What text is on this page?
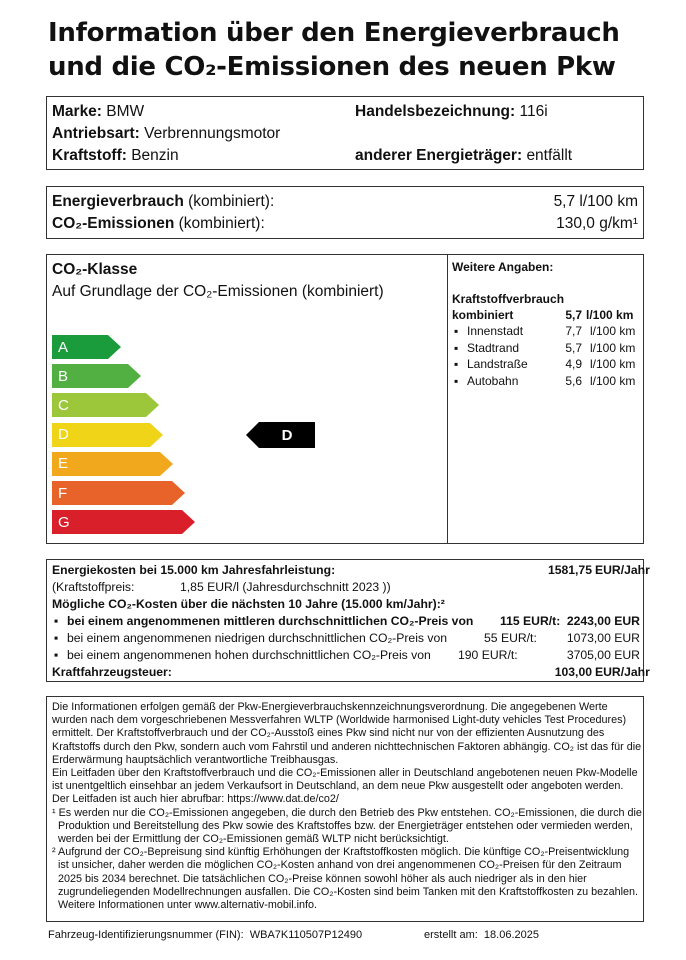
Information über den Energieverbrauch
und die CO₂-Emissionen des neuen Pkw
Marke: BMW	Handelsbezeichnung: 116i
Antriebsart: Verbrennungsmotor
Kraftstoff: Benzin	anderer Energieträger: entfällt
Energieverbrauch (kombiniert):	5,7 l/100 km
CO₂-Emissionen (kombiniert):	130,0 g/km¹
CO₂-Klasse
Auf Grundlage der CO₂-Emissionen (kombiniert)
A
B
C
D
E
F
G
D
Weitere Angaben:
Kraftstoffverbrauch
kombiniert	5,7 l/100 km
▪ Innenstadt	7,7 l/100 km
▪ Stadtrand	5,7 l/100 km
▪ Landstraße	4,9 l/100 km
▪ Autobahn	5,6 l/100 km
Energiekosten bei 15.000 km Jahresfahrleistung:	1581,75 EUR/Jahr
(Kraftstoffpreis:	1,85 EUR/l (Jahresdurchschnitt 2023 ))
Mögliche CO₂-Kosten über die nächsten 10 Jahre (15.000 km/Jahr):²
▪ bei einem angenommenen mittleren durchschnittlichen CO₂-Preis von 115 EUR/t: 2243,00 EUR
▪ bei einem angenommenen niedrigen durchschnittlichen CO₂-Preis von	55 EUR/t: 1073,00 EUR
▪ bei einem angenommenen hohen durchschnittlichen CO₂-Preis von 190 EUR/t:	3705,00 EUR
Kraftfahrzeugsteuer:	103,00 EUR/Jahr

Die Informationen erfolgen gemäß der Pkw-Energieverbrauchskennzeichnungsverordnung. Die angegebenen Werte wurden nach dem vorgeschriebenen Messverfahren WLTP (Worldwide harmonised Light-duty vehicles Test Procedures) ermittelt. Der Kraftstoffverbrauch und der CO₂-Ausstoß eines Pkw sind nicht nur von der effizienten Ausnutzung des Kraftstoffs durch den Pkw, sondern auch vom Fahrstil und anderen nichttechnischen Faktoren abhängig. CO₂ ist das für die Erderwärmung hauptsächlich verantwortliche Treibhausgas.

Ein Leitfaden über den Kraftstoffverbrauch und die CO₂-Emissionen aller in Deutschland angebotenen neuen Pkw-Modelle ist unentgeltlich einsehbar an jedem Verkaufsort in Deutschland, an dem neue Pkw ausgestellt oder angeboten werden. Der Leitfaden ist auch hier abrufbar: https://www.dat.de/co2/

¹ Es werden nur die CO₂-Emissionen angegeben, die durch den Betrieb des Pkw entstehen. CO₂-Emissionen, die durch die Produktion und Bereitstellung des Pkw sowie des Kraftstoffes bzw. der Energieträger entstehen oder vermieden werden, werden bei der Ermittlung der CO₂-Emissionen gemäß WLTP nicht berücksichtigt.

² Aufgrund der CO₂-Bepreisung sind künftig Erhöhungen der Kraftstoffkosten möglich. Die künftige CO₂-Preisentwicklung ist unsicher, daher werden die möglichen CO₂-Kosten anhand von drei angenommenen CO₂-Preisen für den Zeitraum 2025 bis 2034 berechnet. Die tatsächlichen CO₂-Preise können sowohl höher als auch niedriger als in den hier zugrundeliegenden Modellrechnungen ausfallen. Die CO₂-Kosten sind beim Tanken mit den Kraftstoffkosten zu bezahlen. Weitere Informationen unter www.alternativ-mobil.info.

Fahrzeug-Identifizierungsnummer (FIN): WBA7K110507P12490	erstellt am: 18.06.2025
